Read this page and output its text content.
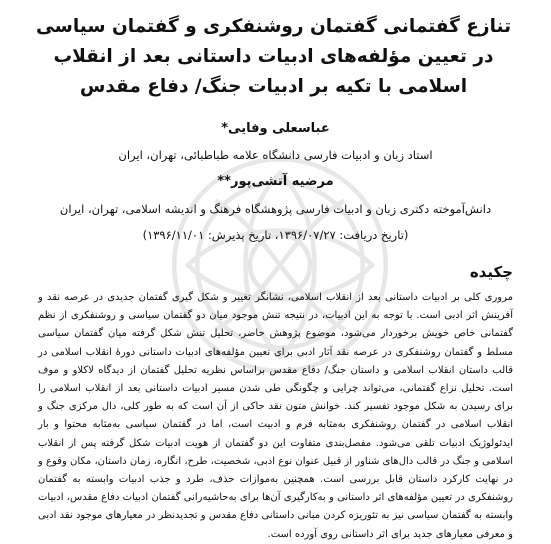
تنازع گفتمانی گفتمان روشنفکری و گفتمان سیاسی در تعیین مؤلفه‌های ادبیات داستانی بعد از انقلاب اسلامی با تکیه بر ادبیات جنگ/ دفاع مقدس

عباسعلی وفایی*

استاد زبان و ادبیات فارسی دانشگاه علامه طباطبائی، تهران، ایران

مرضیه آتشی‌پور**

دانش‌آموخته دکتری زبان و ادبیات فارسی پژوهشگاه فرهنگ و اندیشه اسلامی، تهران، ایران

(تاریخ دریافت: ۱۳۹۶/۰۷/۲۷، تاریخ پذیرش: ۱۳۹۶/۱۱/۰۱)

چکیده

مروری کلی بر ادبیات داستانی بعد از انقلاب اسلامی، نشانگر تغییر و شکل گیری گفتمان جدیدی در عرصه نقد و آفرینش اثر ادبی است. با توجه به این ادبیات، در نتیجه تنش موجود میان دو گفتمان سیاسی و روشنفکری از نظم گفتمانی خاص خویش برخوردار می‌شود، موضوع پژوهش حاضر، تحلیل تنش شکل گرفته میان گفتمان سیاسی مسلط و گفتمان روشنفکری در عرصه نقد آثار ادبی برای تعیین مؤلفه‌های ادبیات داستانی دورۀ انقلاب اسلامی در قالب داستان انقلاب اسلامی و داستان جنگ/ دفاع مقدس براساس نظریه تحلیل گفتمان از دیدگاه لاکلاو و موف است. تحلیل نزاع گفتمانی، می‌تواند چرایی و چگونگی طی شدن مسیر ادبیات داستانی بعد از انقلاب اسلامی را برای رسیدن به شکل موجود تفسیر کند. خوانش متون نقد حاکی از آن است که به طور کلی، دال مرکزی جنگ و انقلاب اسلامی در گفتمان روشنفکری به‌مثابه فرم و ادبیت است، اما در گفتمان سیاسی به‌مثابه محتوا و بار ایدئولوژیک ادبیات تلقی می‌شود. مفصل‌بندی متفاوت این دو گفتمان از هویت ادبیات شکل گرفته پس از انقلاب اسلامی و جنگ در قالب دال‌های شناور از قبیل عنوان نوع ادبی، شخصیت، طرح، انگاره، زمان داستان، مکان وقوع و در نهایت کارکرد داستان قابل بررسی است. همچنین به‌موازات حذف، طرد و جذب ادبیات وابسته به گفتمان روشنفکری در تعیین مؤلفه‌های اثر داستانی و به‌کارگیری آن‌ها برای به‌حاشیه‌رانی گفتمان ادبیات دفاع مقدس، ادبیات وابسته به گفتمان سیاسی نیز به تئوریزه کردن مبانی داستانی دفاع مقدس و تجدیدنظر در معیارهای موجود نقد ادبی و معرفی معیارهای جدید برای اثر داستانی روی آورده است.
